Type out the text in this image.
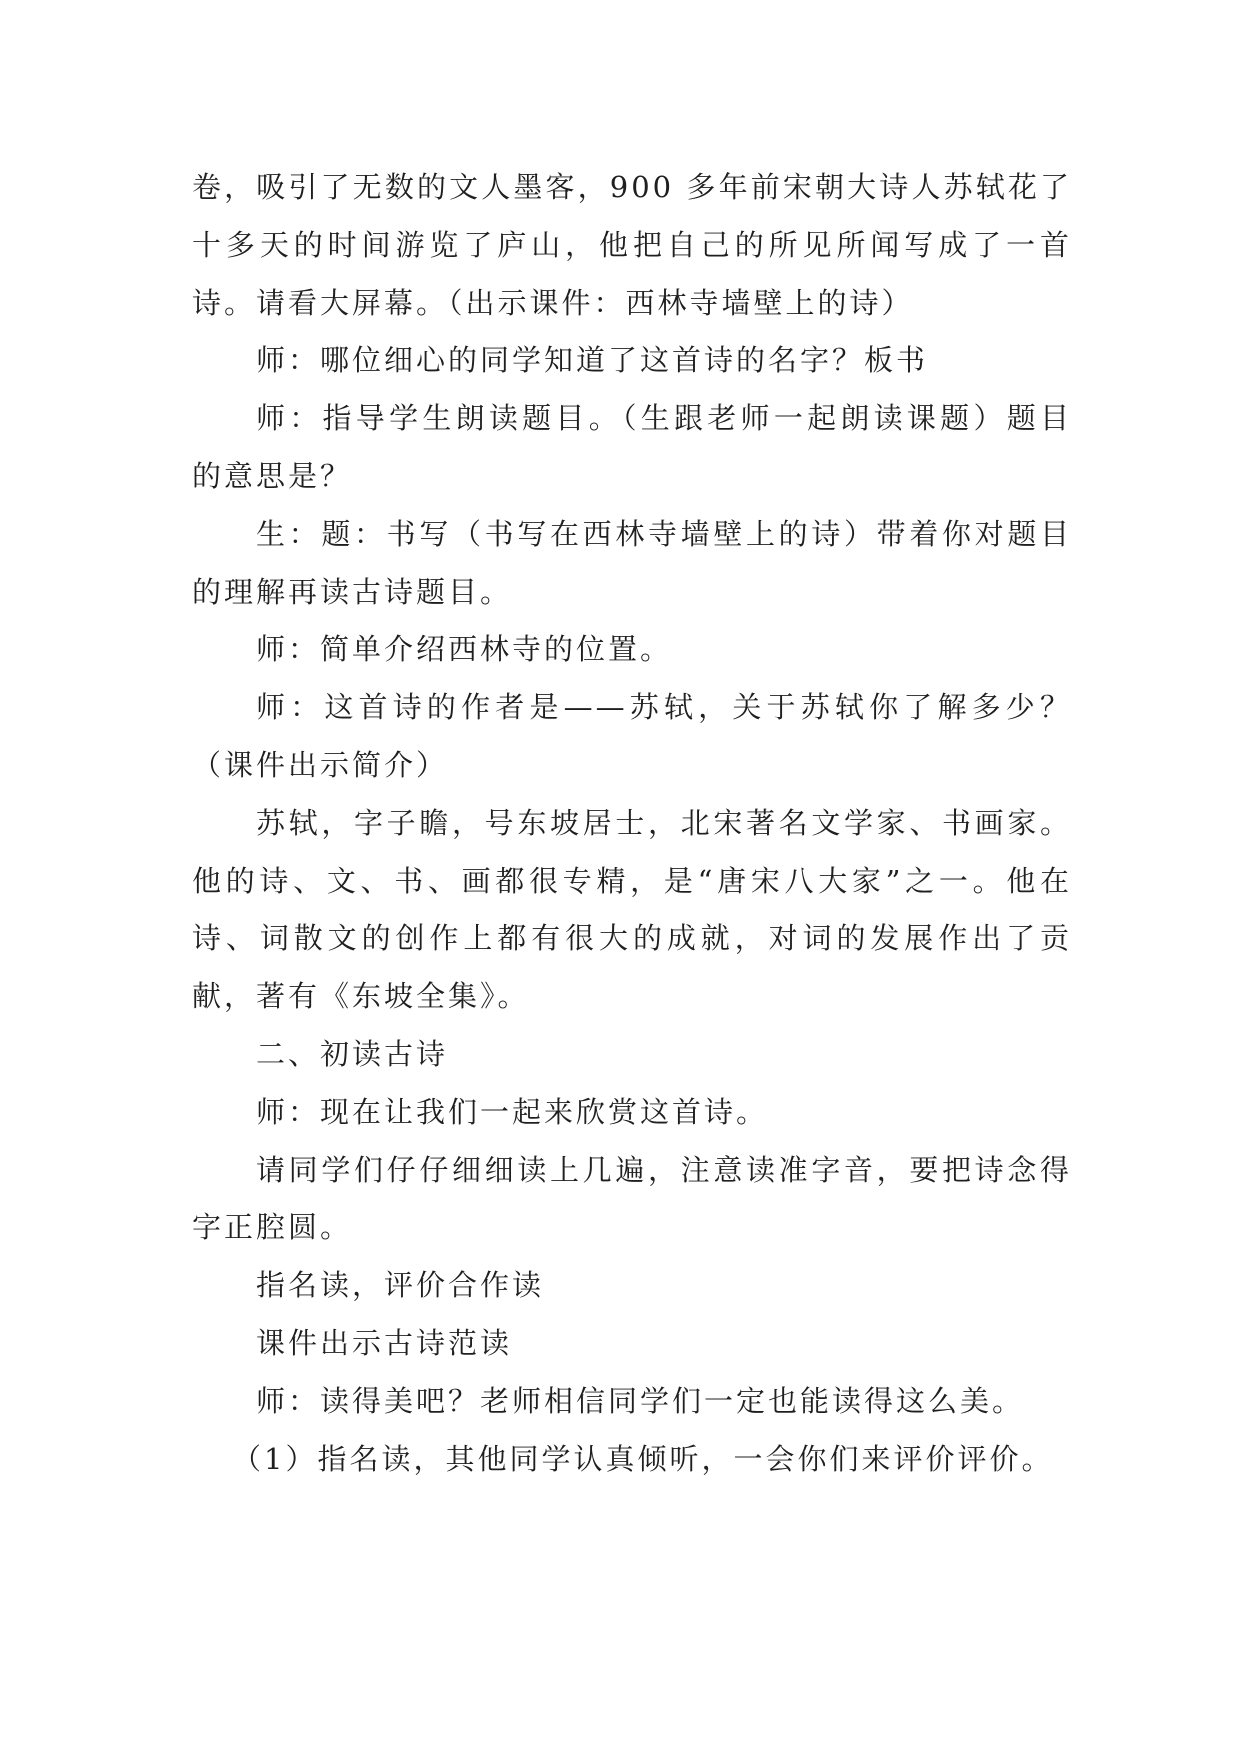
卷，吸引了无数的文人墨客，900 多年前宋朝大诗人苏轼花了十多天的时间游览了庐山，他把自己的所见所闻写成了一首诗。请看大屏幕。（出示课件：西林寺墙壁上的诗）

师：哪位细心的同学知道了这首诗的名字？板书

师：指导学生朗读题目。（生跟老师一起朗读课题）题目的意思是？

生：题：书写（书写在西林寺墙壁上的诗）带着你对题目的理解再读古诗题目。

师：简单介绍西林寺的位置。

师：这首诗的作者是——苏轼，关于苏轼你了解多少？（课件出示简介）

苏轼，字子瞻，号东坡居士，北宋著名文学家、书画家。他的诗、文、书、画都很专精，是“唐宋八大家”之一。他在诗、词散文的创作上都有很大的成就，对词的发展作出了贡献，著有《东坡全集》。

二、初读古诗

师：现在让我们一起来欣赏这首诗。

请同学们仔仔细细读上几遍，注意读准字音，要把诗念得字正腔圆。

指名读，评价合作读

课件出示古诗范读

师：读得美吧？老师相信同学们一定也能读得这么美。

（1）指名读，其他同学认真倾听，一会你们来评价评价。
